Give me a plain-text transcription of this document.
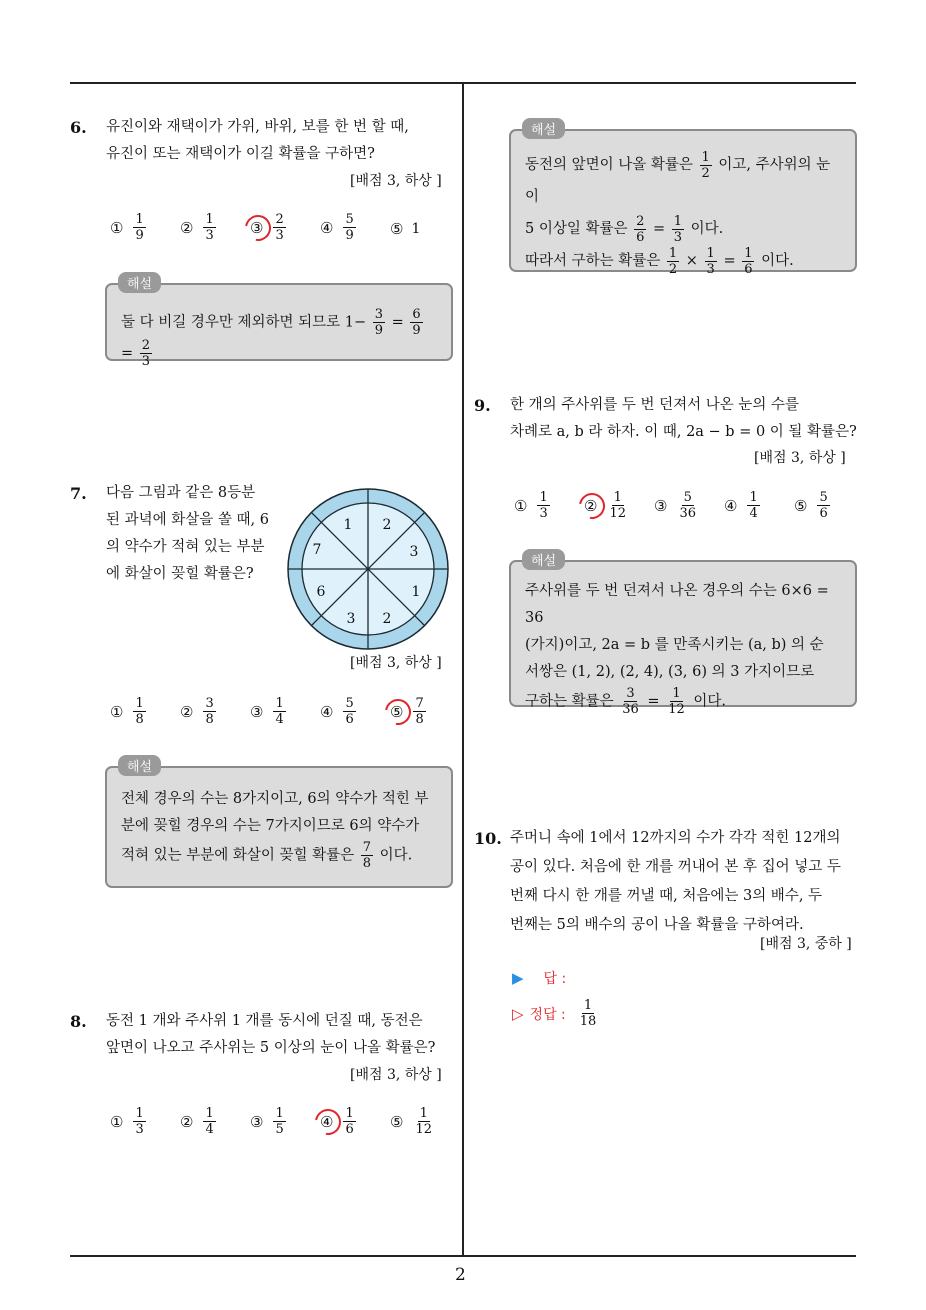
2
6. 유진이와 재택이가 가위, 바위, 보를 한 번 할 때,
유진이 또는 재택이가 이길 확률을 구하면?
[배점 3, 하상 ]
① $\frac{1}{9}$ ② $\frac{1}{3}$ ③ $\frac{2}{3}$ ④ $\frac{5}{9}$ ⑤ 1
둘 다 비길 경우만 제외하면 되므로 $1- \frac{3}{9} = \frac{6}{9}$
= $\frac{2}{3}$
해설
7. 다음 그림과 같은 8등분
된 과녁에 화살을 쏠 때, 6
의 약수가 적혀 있는 부분
에 화살이 꽂힐 확률은?
1 2
3
1
2
3
6
7
[배점 3, 하상 ]
① $\frac{1}{8}$ ② $\frac{3}{8}$ ③ $\frac{1}{4}$ ④ $\frac{5}{6}$ ⑤ $\frac{7}{8}$
전체 경우의 수는 8가지이고, 6의 약수가 적힌 부
분에 꽂힐 경우의 수는 7가지이므로 6의 약수가
적혀 있는 부분에 화살이 꽂힐 확률은 $\frac{7}{8}$ 이다.
해설
8. 동전 1 개와 주사위 1 개를 동시에 던질 때, 동전은
앞면이 나오고 주사위는 5 이상의 눈이 나올 확률은?
[배점 3, 하상 ]
① $\frac{1}{3}$ ② $\frac{1}{4}$ ③ $\frac{1}{5}$ ④ $\frac{1}{6}$ ⑤ $\frac{1}{12}$
동전의 앞면이 나올 확률은 $\frac{1}{2}$ 이고, 주사위의 눈이
5 이상일 확률은 $\frac{2}{6} = \frac{1}{3}$ 이다.
따라서 구하는 확률은 $\frac{1}{2} \times \frac{1}{3} = \frac{1}{6}$ 이다.
해설
9. 한 개의 주사위를 두 번 던져서 나온 눈의 수를
차례로 a, b 라 하자. 이 때, 2a − b = 0 이 될 확률은?
[배점 3, 하상 ]
① $\frac{1}{3}$ ② $\frac{1}{12}$ ③ $\frac{5}{36}$ ④ $\frac{1}{4}$ ⑤ $\frac{5}{6}$
주사위를 두 번 던져서 나온 경우의 수는 6×6 = 36
(가지)이고, 2a = b 를 만족시키는 (a, b) 의 순
서쌍은 (1, 2), (2, 4), (3, 6) 의 3 가지이므로
구하는 확률은 $\frac{3}{36} = \frac{1}{12}$ 이다.
해설
10. 주머니 속에 1에서 12까지의 수가 각각 적힌 12개의
공이 있다. 처음에 한 개를 꺼내어 본 후 집어 넣고 두
번째 다시 한 개를 꺼낼 때, 처음에는 3의 배수, 두
번째는 5의 배수의 공이 나올 확률을 구하여라.
[배점 3, 중하 ]
▶ 답 :
▷ 정답 : $\frac{1}{18}$
